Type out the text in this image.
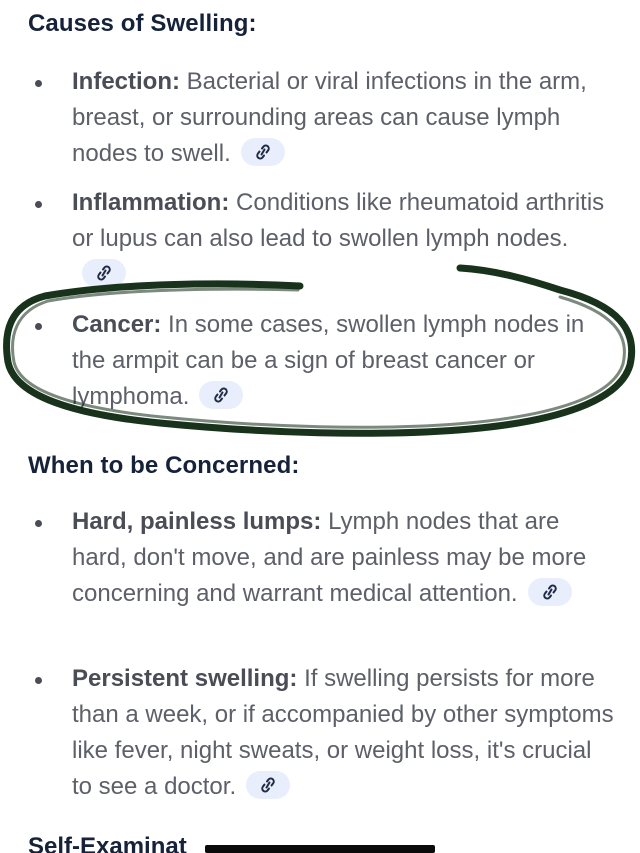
Causes of Swelling:
Infection: Bacterial or viral infections in the arm, breast, or surrounding areas can cause lymph nodes to swell.
Inflammation: Conditions like rheumatoid arthritis or lupus can also lead to swollen lymph nodes.
Cancer: In some cases, swollen lymph nodes in the armpit can be a sign of breast cancer or lymphoma.
When to be Concerned:
Hard, painless lumps: Lymph nodes that are hard, don't move, and are painless may be more concerning and warrant medical attention.
Persistent swelling: If swelling persists for more than a week, or if accompanied by other symptoms like fever, night sweats, or weight loss, it's crucial to see a doctor.
Self-Examinat
